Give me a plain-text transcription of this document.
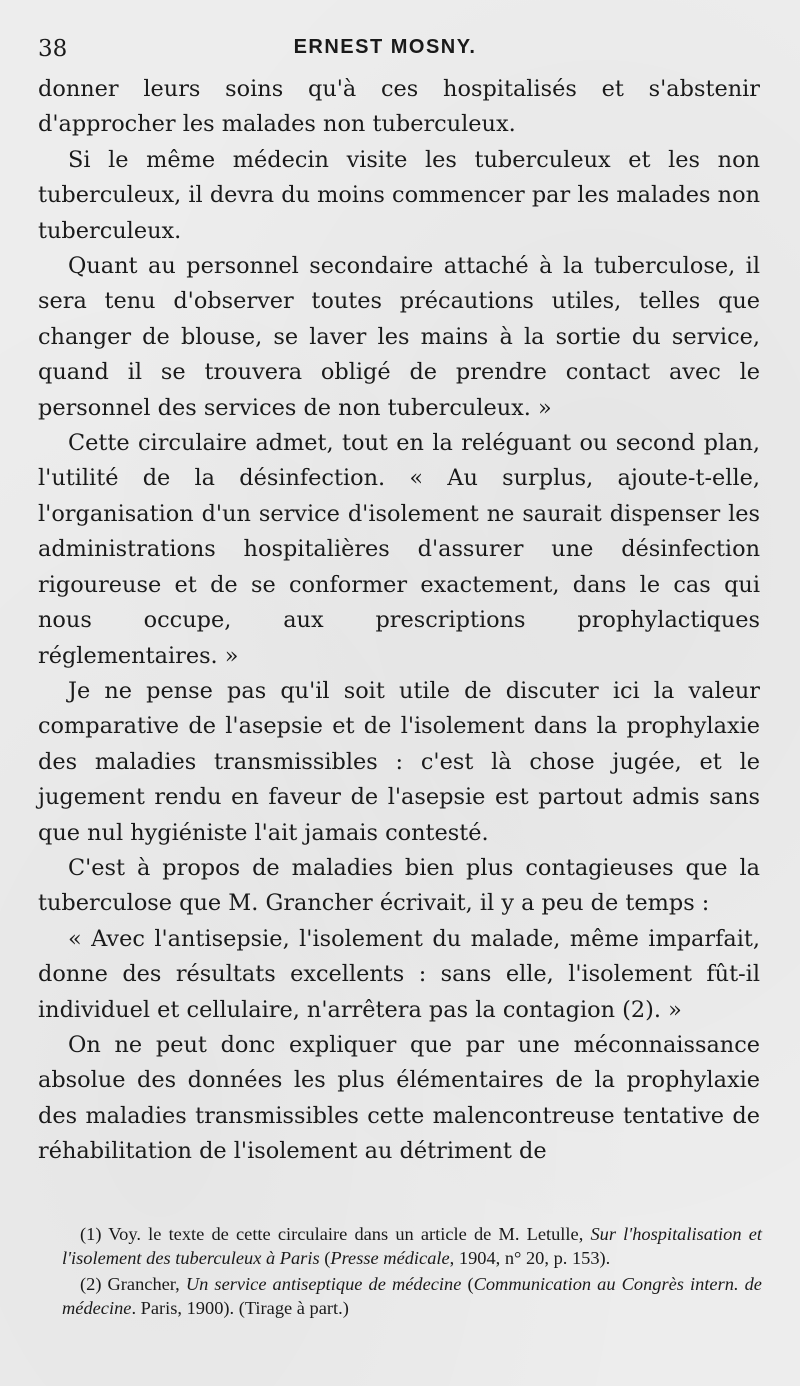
38	ERNEST MOSNY.

donner leurs soins qu'à ces hospitalisés et s'abstenir d'approcher les malades non tuberculeux.

Si le même médecin visite les tuberculeux et les non tuberculeux, il devra du moins commencer par les malades non tuberculeux.

Quant au personnel secondaire attaché à la tuberculose, il sera tenu d'observer toutes précautions utiles, telles que changer de blouse, se laver les mains à la sortie du service, quand il se trouvera obligé de prendre contact avec le personnel des services de non tuberculeux. »

Cette circulaire admet, tout en la reléguant ou second plan, l'utilité de la désinfection. « Au surplus, ajoute-t-elle, l'organisation d'un service d'isolement ne saurait dispenser les administrations hospitalières d'assurer une désinfection rigoureuse et de se conformer exactement, dans le cas qui nous occupe, aux prescriptions prophylactiques réglementaires. »

Je ne pense pas qu'il soit utile de discuter ici la valeur comparative de l'asepsie et de l'isolement dans la prophylaxie des maladies transmissibles : c'est là chose jugée, et le jugement rendu en faveur de l'asepsie est partout admis sans que nul hygiéniste l'ait jamais contesté.

C'est à propos de maladies bien plus contagieuses que la tuberculose que M. Grancher écrivait, il y a peu de temps :

« Avec l'antisepsie, l'isolement du malade, même imparfait, donne des résultats excellents : sans elle, l'isolement fût-il individuel et cellulaire, n'arrêtera pas la contagion (2). »

On ne peut donc expliquer que par une méconnaissance absolue des données les plus élémentaires de la prophylaxie des maladies transmissibles cette malencontreuse tentative de réhabilitation de l'isolement au détriment de

(1) Voy. le texte de cette circulaire dans un article de M. Letulle, Sur l'hospitalisation et l'isolement des tuberculeux à Paris (Presse médicale, 1904, n° 20, p. 153).

(2) Grancher, Un service antiseptique de médecine (Communication au Congrès intern. de médecine. Paris, 1900). (Tirage à part.)
